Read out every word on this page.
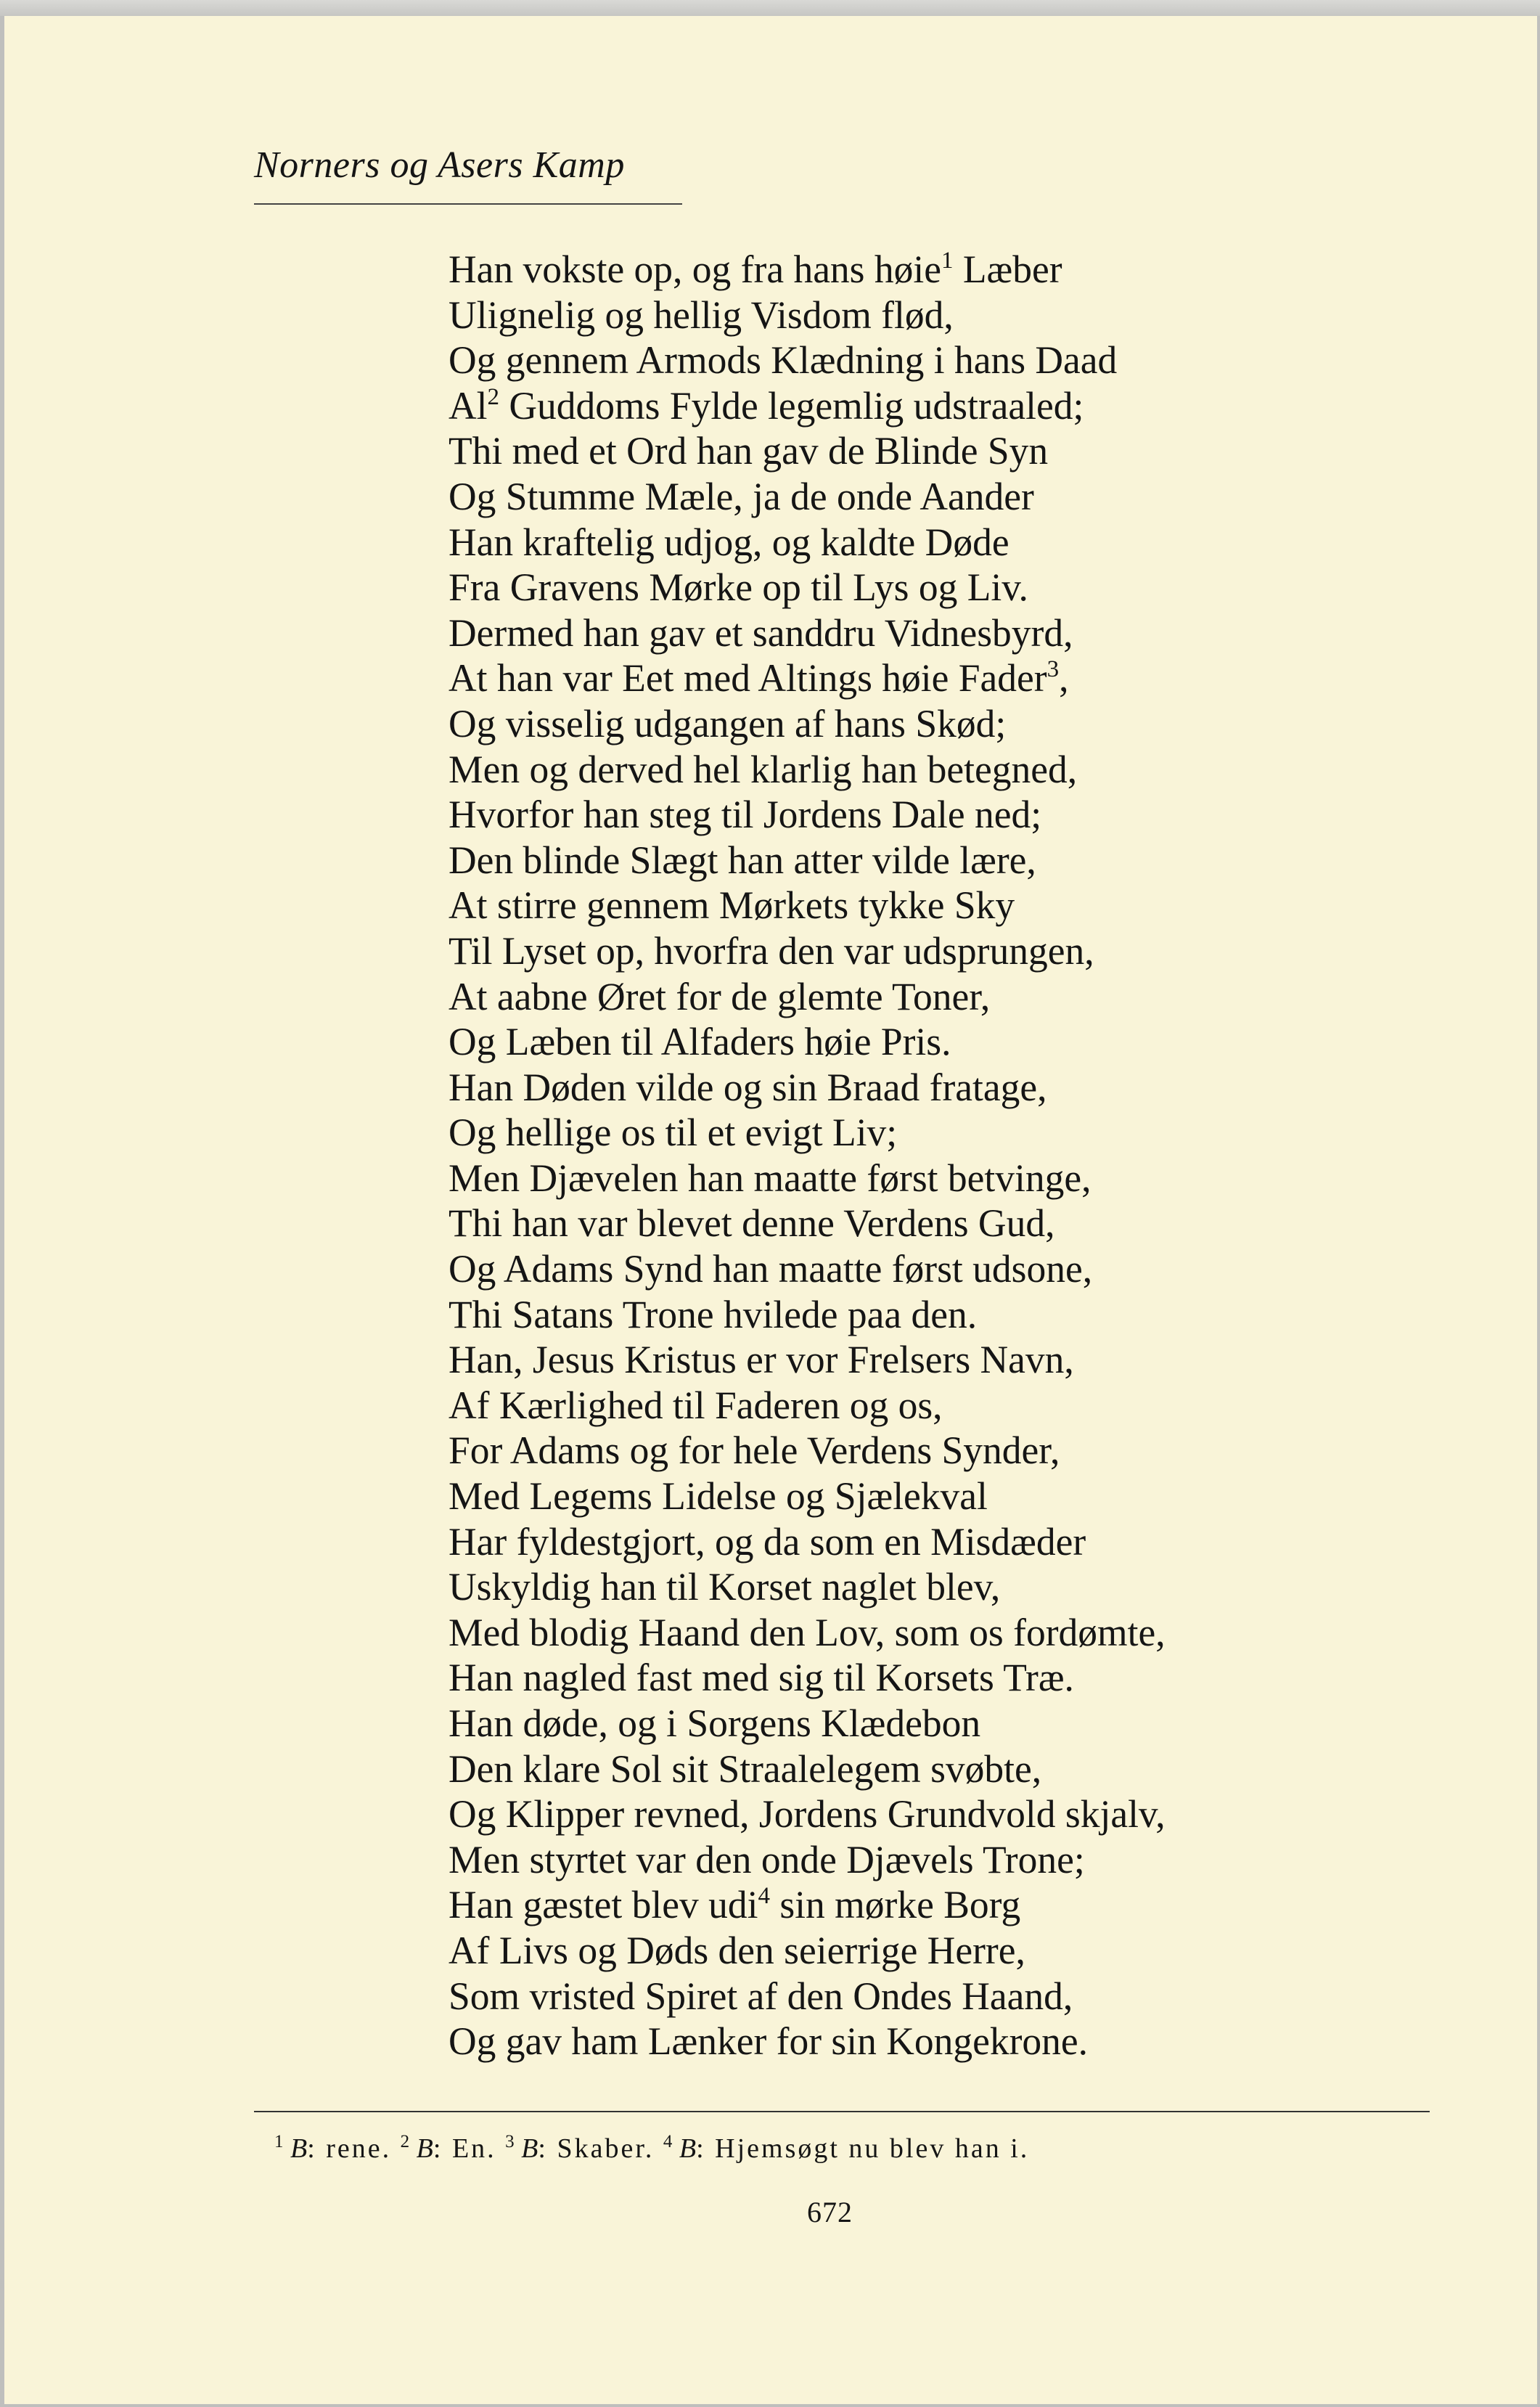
Norners og Asers Kamp
Han vokste op, og fra hans høie$^1$ Læber
Ulignelig og hellig Visdom flød,
Og gennem Armods Klædning i hans Daad
Al$^2$ Guddoms Fylde legemlig udstraaled;
Thi med et Ord han gav de Blinde Syn
Og Stumme Mæle, ja de onde Aander
Han kraftelig udjog, og kaldte Døde
Fra Gravens Mørke op til Lys og Liv.
Dermed han gav et sanddru Vidnesbyrd,
At han var Eet med Altings høie Fader$^3$,
Og visselig udgangen af hans Skød;
Men og derved hel klarlig han betegned,
Hvorfor han steg til Jordens Dale ned;
Den blinde Slægt han atter vilde lære,
At stirre gennem Mørkets tykke Sky
Til Lyset op, hvorfra den var udsprungen,
At aabne Øret for de glemte Toner,
Og Læben til Alfaders høie Pris.
Han Døden vilde og sin Braad fratage,
Og hellige os til et evigt Liv;
Men Djævelen han maatte først betvinge,
Thi han var blevet denne Verdens Gud,
Og Adams Synd han maatte først udsone,
Thi Satans Trone hvilede paa den.
Han, Jesus Kristus er vor Frelsers Navn,
Af Kærlighed til Faderen og os,
For Adams og for hele Verdens Synder,
Med Legems Lidelse og Sjælekval
Har fyldestgjort, og da som en Misdæder
Uskyldig han til Korset naglet blev,
Med blodig Haand den Lov, som os fordømte,
Han nagled fast med sig til Korsets Træ.
Han døde, og i Sorgens Klædebon
Den klare Sol sit Straalelegem svøbte,
Og Klipper revned, Jordens Grundvold skjalv,
Men styrtet var den onde Djævels Trone;
Han gæstet blev udi$^4$ sin mørke Borg
Af Livs og Døds den seierrige Herre,
Som vristed Spiret af den Ondes Haand,
Og gav ham Lænker for sin Kongekrone.
$^1$ B: rene. $^2$ B: En. $^3$ B: Skaber. $^4$ B: Hjemsøgt nu blev han i.
672
